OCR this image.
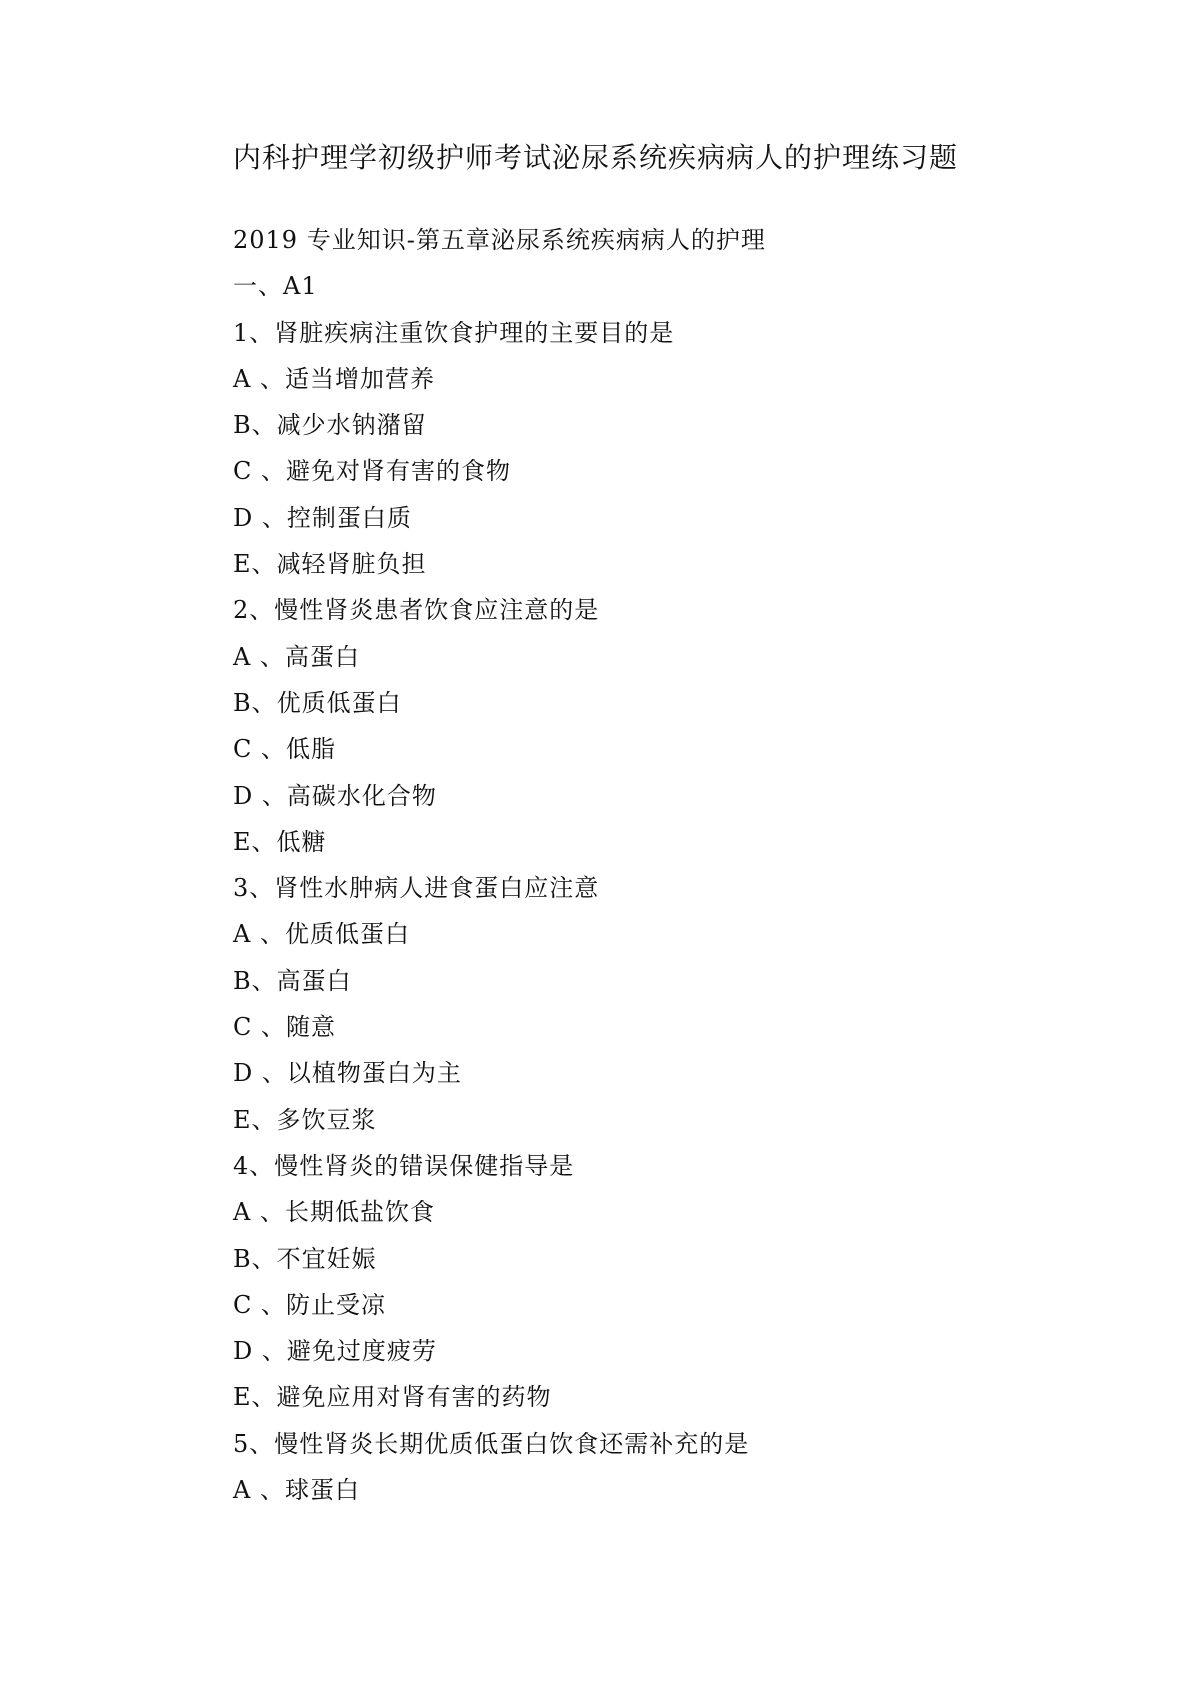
内科护理学初级护师考试泌尿系统疾病病人的护理练习题
2019 专业知识-第五章泌尿系统疾病病人的护理
一、A1
1、肾脏疾病注重饮食护理的主要目的是
A 、适当增加营养
B、减少水钠潴留
C 、避免对肾有害的食物
D 、控制蛋白质
E、减轻肾脏负担
2、慢性肾炎患者饮食应注意的是
A 、高蛋白
B、优质低蛋白
C 、低脂
D 、高碳水化合物
E、低糖
3、肾性水肿病人进食蛋白应注意
A 、优质低蛋白
B、高蛋白
C 、随意
D 、以植物蛋白为主
E、多饮豆浆
4、慢性肾炎的错误保健指导是
A 、长期低盐饮食
B、不宜妊娠
C 、防止受凉
D 、避免过度疲劳
E、避免应用对肾有害的药物
5、慢性肾炎长期优质低蛋白饮食还需补充的是
A 、球蛋白
